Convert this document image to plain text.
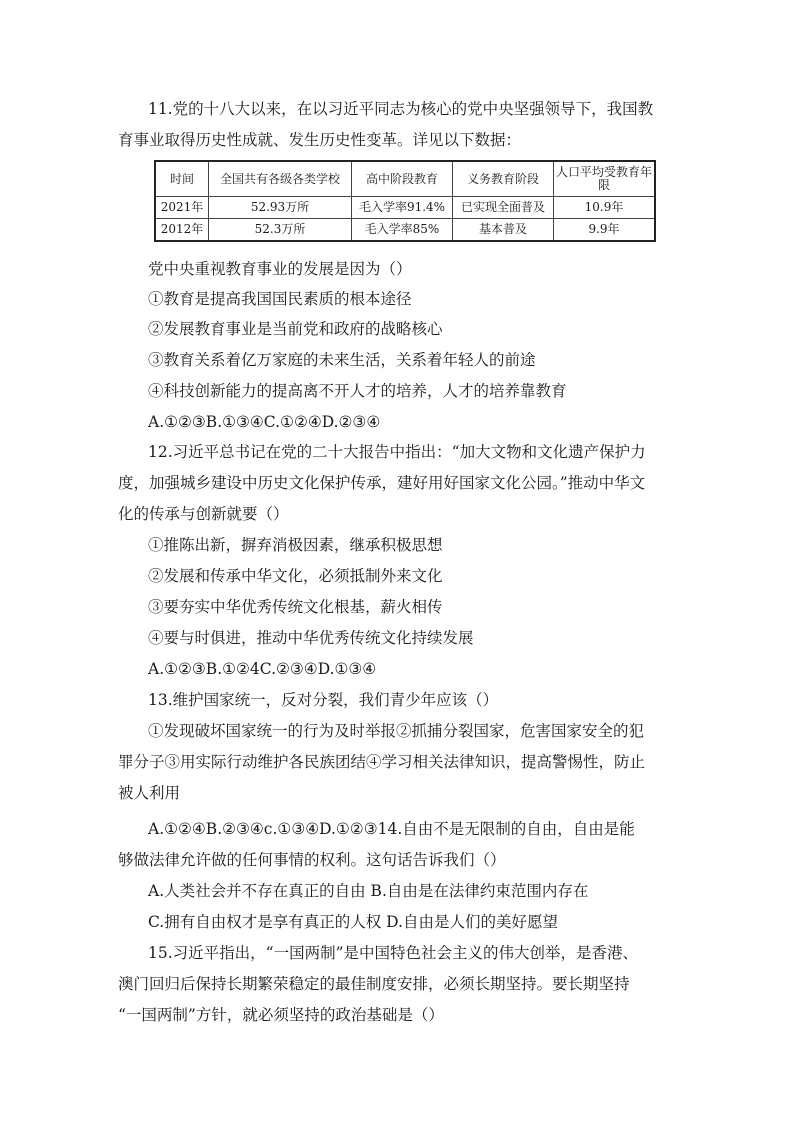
11.党的十八大以来，在以习近平同志为核心的党中央坚强领导下，我国教
育事业取得历史性成就、发生历史性变革。详见以下数据：
时间	全国共有各级各类学校	高中阶段教育	义务教育阶段	人口平均受教育年限
2021年	52.93万所	毛入学率91.4%	已实现全面普及	10.9年
2012年	52.3万所	毛入学率85%	基本普及	9.9年
党中央重视教育事业的发展是因为（）
①教育是提高我国国民素质的根本途径
②发展教育事业是当前党和政府的战略核心
③教育关系着亿万家庭的未来生活，关系着年轻人的前途
④科技创新能力的提高离不开人才的培养，人才的培养靠教育
A.①②③B.①③④C.①②④D.②③④
12.习近平总书记在党的二十大报告中指出：“加大文物和文化遗产保护力
度，加强城乡建设中历史文化保护传承，建好用好国家文化公园。”推动中华文
化的传承与创新就要（）
①推陈出新，摒弃消极因素，继承积极思想
②发展和传承中华文化，必须抵制外来文化
③要夯实中华优秀传统文化根基，薪火相传
④要与时俱进，推动中华优秀传统文化持续发展
A.①②③B.①②4C.②③④D.①③④
13.维护国家统一，反对分裂，我们青少年应该（）
①发现破坏国家统一的行为及时举报②抓捕分裂国家，危害国家安全的犯
罪分子③用实际行动维护各民族团结④学习相关法律知识，提高警惕性，防止
被人利用
A.①②④B.②③④c.①③④D.①②③14.自由不是无限制的自由，自由是能
够做法律允许做的任何事情的权利。这句话告诉我们（）
A.人类社会并不存在真正的自由 B.自由是在法律约束范围内存在
C.拥有自由权才是享有真正的人权 D.自由是人们的美好愿望
15.习近平指出，“一国两制”是中国特色社会主义的伟大创举，是香港、
澳门回归后保持长期繁荣稳定的最佳制度安排，必须长期坚持。要长期坚持
“一国两制”方针，就必须坚持的政治基础是（）
